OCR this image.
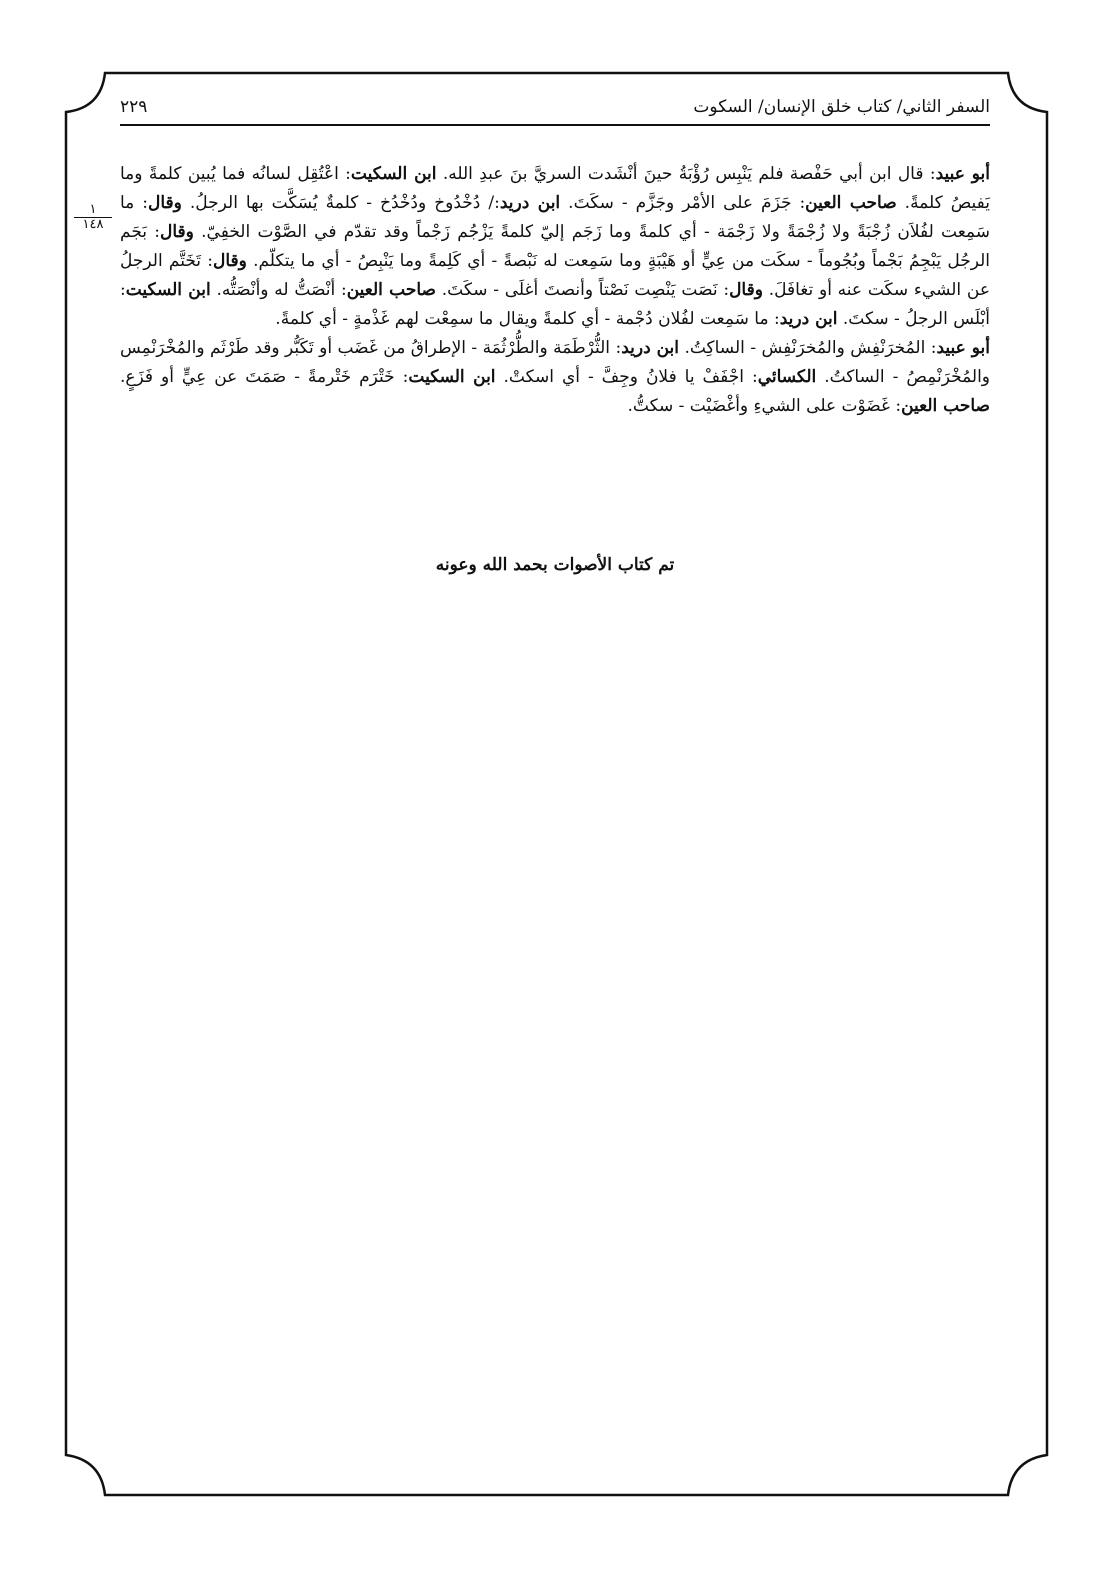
السفر الثاني/ كتاب خلق الإنسان/ السكوت
٢٢٩
١
١٤٨

أبو عبيد: قال ابن أبي حَفْصة فلم يَنْبِس رُؤْبَةُ حينَ أنْشَدت السريَّ بنَ عبدِ الله. ابن السكيت: اعْتُقِل لسانُه فما يُبين كلمةً وما يَفيصُ كلمةً. صاحب العين: جَزَمَ على الأمْر وجَزَّم - سكَتَ. ابن دريد:/ دُخْدُوخ ودُخْدُخ - كلمةٌ يُسَكَّت بها الرجلُ. وقال: ما سَمِعت لفُلاَن زُجْبَةً ولا زُجْمَةً ولا زَجْمَة - أي كلمةً وما زَجَم إليّ كلمةً يَزْجُم زَجْماً وقد تقدّم في الصَّوْت الخفِيّ. وقال: بَجَم الرجُل يَبْجِمُ بَجْماً وبُجُوماً - سكَت من عِيٍّ أو هَيْبَةٍ وما سَمِعت له نَبْصةً - أي كَلِمةً وما يَنْبِصُ - أي ما يتكلّم. وقال: تَخَتَّم الرجلُ عن الشيء سكَت عنه أو تغافَلَ. وقال: نَصَت يَنْصِت نَصْتاً وأنصتَ أغلَى - سكَتَ. صاحب العين: أنْصَتُّ له وأنْصَتُّه. ابن السكيت: أبْلَس الرجلُ - سكتَ. ابن دريد: ما سَمِعت لفُلان دُجْمة - أي كلمةً ويقال ما سمِعْت لهم غَذْمةٍ - أي كلمةً.

أبو عبيد: المُخرَنْفِش والمُخرَنْفِش - الساكِتُ. ابن دريد: الثُّرْطَمَة والطُّرْثُمَة - الإطراقُ من غَضَب أو تَكَبُّر وقد طَرْثَم والمُخْرَنْمِس والمُخْرَنْمِصُ - الساكتُ. الكسائي: اجْفَفْ يا فلانُ وجِفَّ - أي اسكتْ. ابن السكيت: خَتْرَم خَتْرمةً - صَمَتَ عن عِيٍّ أو فَزَعٍ. صاحب العين: غَضَوْت على الشيءِ وأغْضَيْت - سكتُّ.

تم كتاب الأصوات بحمد الله وعونه
